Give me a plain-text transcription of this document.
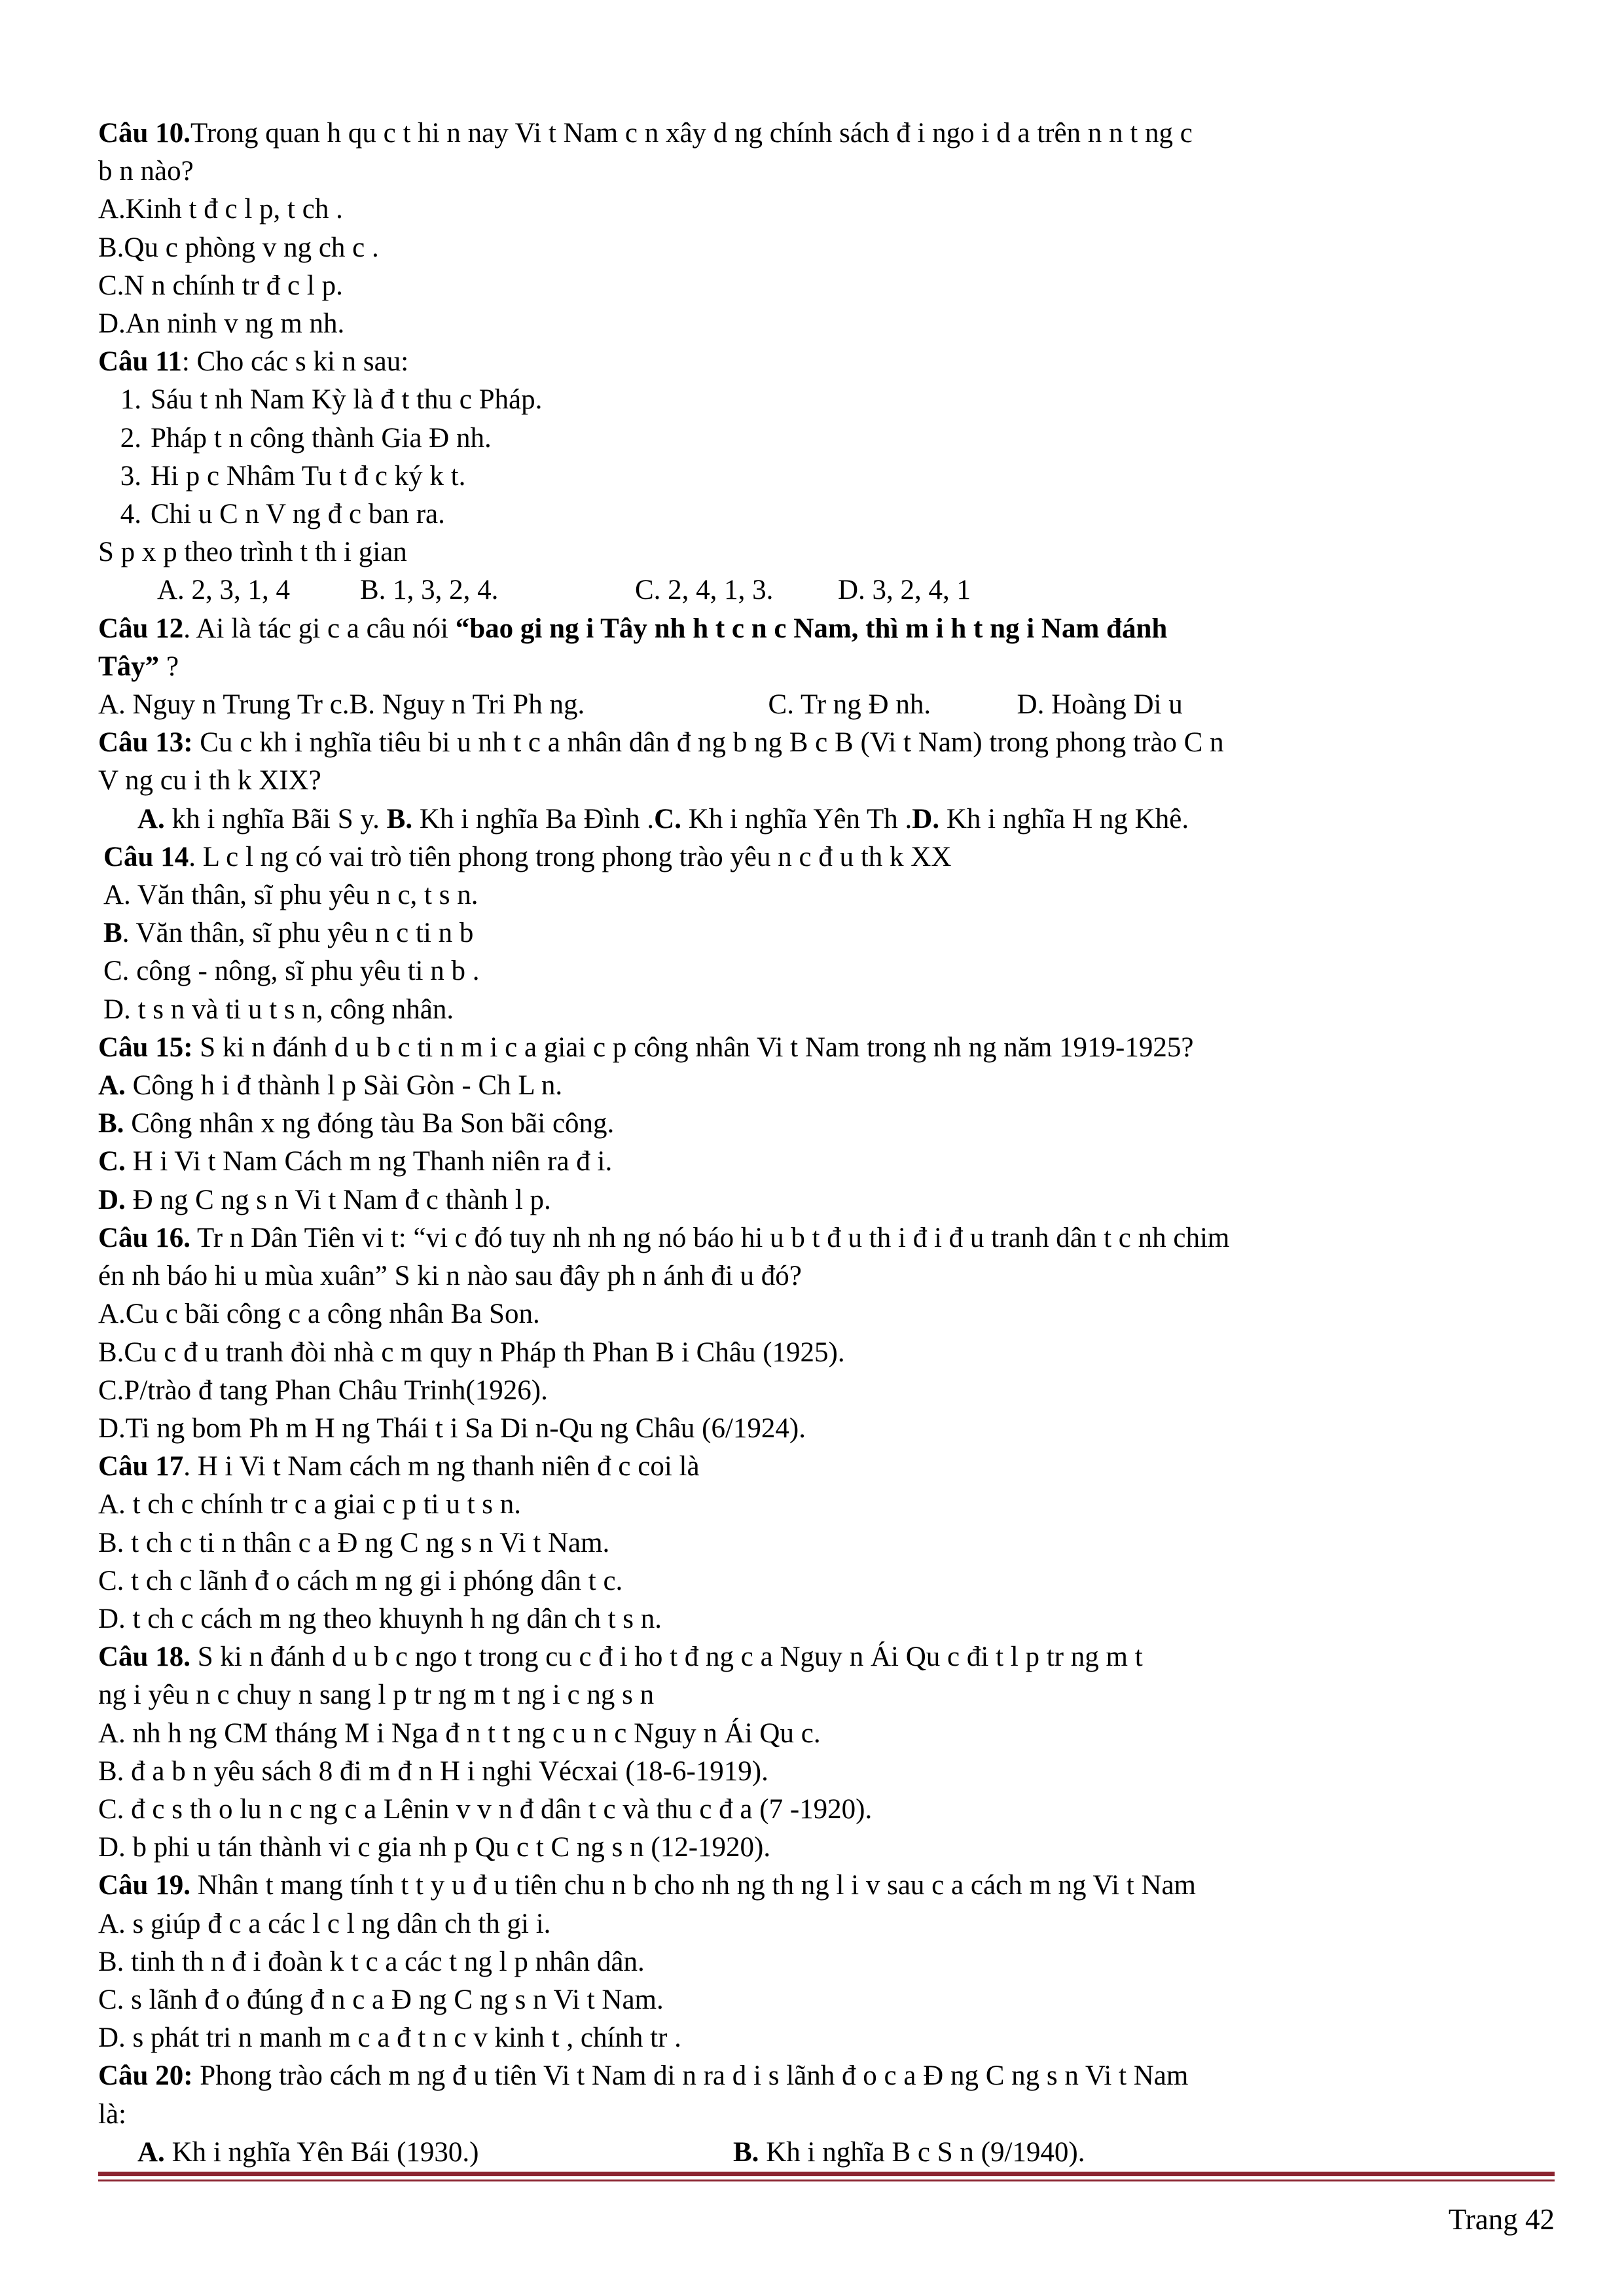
Câu 10.Trong quan h qu c t hi n nay Vi t Nam c n xây d ng chính sách đ i ngo i d a trên n n t ng c
b n nào?
A.Kinh t đ c l p, t ch .
B.Qu c phòng v ng ch c .
C.N n chính tr đ c l p.
D.An ninh v ng m nh.
Câu 11: Cho các s ki n sau:
1. Sáu t nh Nam Kỳ là đ t thu c Pháp.
2. Pháp t n công thành Gia Đ nh.
3. Hi p c Nhâm Tu t đ c ký k t.
4. Chi u C n V ng đ c ban ra.
S p x p theo trình t th i gian
A. 2, 3, 1, 4 B. 1, 3, 2, 4.	C. 2, 4, 1, 3. D. 3, 2, 4, 1
Câu 12. Ai là tác gi c a câu nói “bao gi ng i Tây nh h t c n c Nam, thì m i h t ng i Nam đánh
Tây” ?
A. Nguy n Trung Tr c.B. Nguy n Tri Ph ng.	C. Tr ng Đ nh.	D. Hoàng Di u
Câu 13: Cu c kh i nghĩa tiêu bi u nh t c a nhân dân đ ng b ng B c B (Vi t Nam) trong phong trào C n
V ng cu i th k XIX?
A. kh i nghĩa Bãi S y. B. Kh i nghĩa Ba Đình .C. Kh i nghĩa Yên Th .D. Kh i nghĩa H ng Khê.
Câu 14. L c l ng có vai trò tiên phong trong phong trào yêu n c đ u th k XX
A. Văn thân, sĩ phu yêu n c, t s n.
B. Văn thân, sĩ phu yêu n c ti n b
C. công - nông, sĩ phu yêu ti n b .
D. t s n và ti u t s n, công nhân.
Câu 15: S ki n đánh d u b c ti n m i c a giai c p công nhân Vi t Nam trong nh ng năm 1919-1925?
A. Công h i đ thành l p Sài Gòn - Ch L n.
B. Công nhân x ng đóng tàu Ba Son bãi công.
C. H i Vi t Nam Cách m ng Thanh niên ra đ i.
D. Đ ng C ng s n Vi t Nam đ c thành l p.
Câu 16. Tr n Dân Tiên vi t: “vi c đó tuy nh nh ng nó báo hi u b t đ u th i đ i đ u tranh dân t c nh chim
én nh báo hi u mùa xuân” S ki n nào sau đây ph n ánh đi u đó?
A.Cu c bãi công c a công nhân Ba Son.
B.Cu c đ u tranh đòi nhà c m quy n Pháp th Phan B i Châu (1925).
C.P/trào đ tang Phan Châu Trinh(1926).
D.Ti ng bom Ph m H ng Thái t i Sa Di n-Qu ng Châu (6/1924).
Câu 17. H i Vi t Nam cách m ng thanh niên đ c coi là
A. t ch c chính tr c a giai c p ti u t s n.
B. t ch c ti n thân c a Đ ng C ng s n Vi t Nam.
C. t ch c lãnh đ o cách m ng gi i phóng dân t c.
D. t ch c cách m ng theo khuynh h ng dân ch t s n.
Câu 18. S ki n đánh d u b c ngo t trong cu c đ i ho t đ ng c a Nguy n Ái Qu c đi t l p tr ng m t
ng i yêu n c chuy n sang l p tr ng m t ng i c ng s n
A. nh h ng CM tháng M i Nga đ n t t ng c u n c Nguy n Ái Qu c.
B. đ a b n yêu sách 8 đi m đ n H i nghi Vécxai (18-6-1919).
C. đ c s th o lu n c ng c a Lênin v v n đ dân t c và thu c đ a (7 -1920).
D. b phi u tán thành vi c gia nh p Qu c t C ng s n (12-1920).
Câu 19. Nhân t mang tính t t y u đ u tiên chu n b cho nh ng th ng l i v sau c a cách m ng Vi t Nam
A. s giúp đ c a các l c l ng dân ch th gi i.
B. tinh th n đ i đoàn k t c a các t ng l p nhân dân.
C. s lãnh đ o đúng đ n c a Đ ng C ng s n Vi t Nam.
D. s phát tri n manh m c a đ t n c v kinh t , chính tr .
Câu 20: Phong trào cách m ng đ u tiên Vi t Nam di n ra d i s lãnh đ o c a Đ ng C ng s n Vi t Nam
là:
A. Kh i nghĩa Yên Bái (1930.)	B. Kh i nghĩa B c S n (9/1940).
Trang 42
